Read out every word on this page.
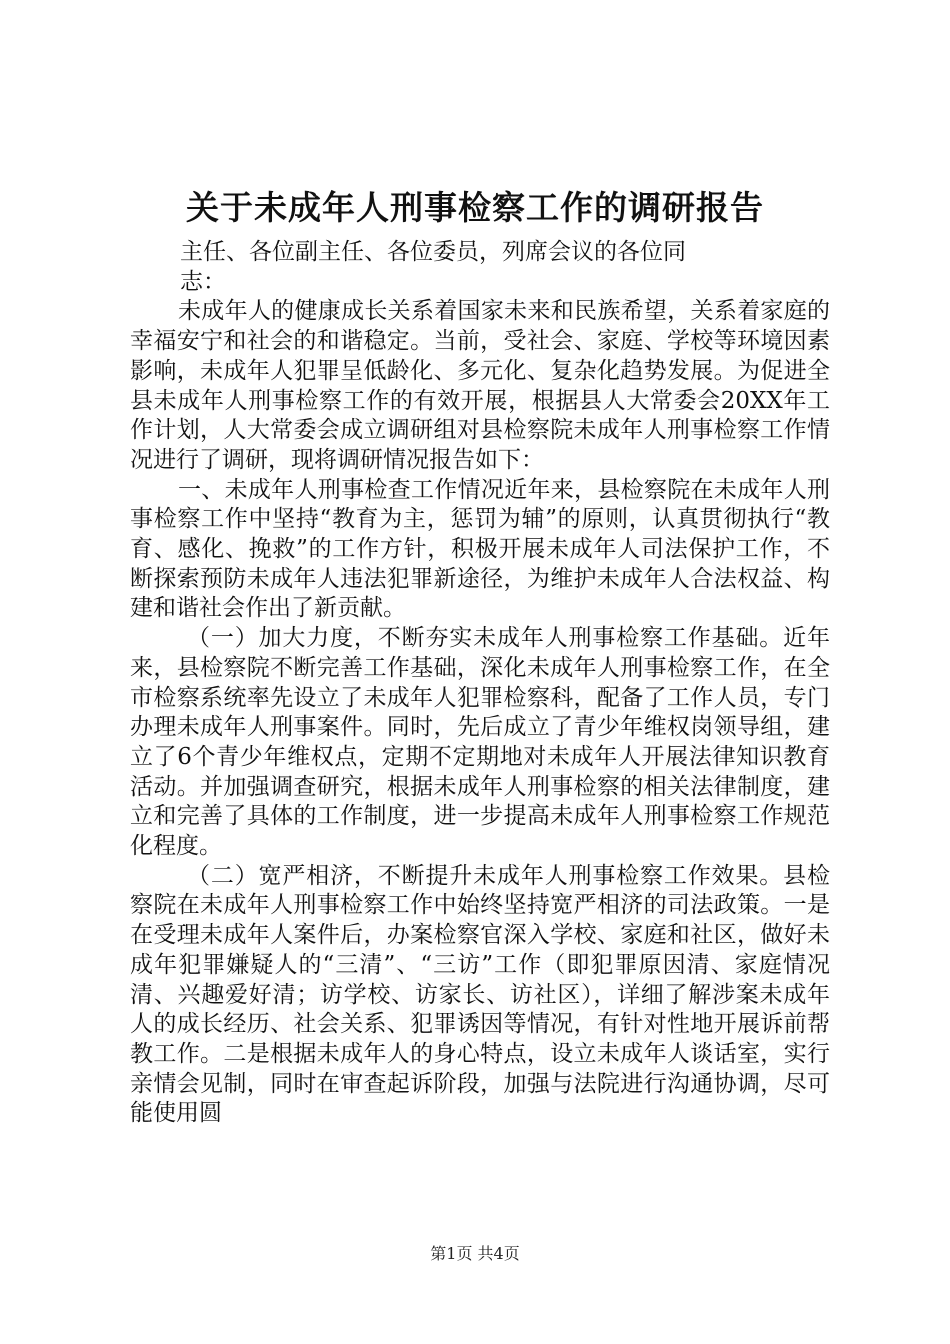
关于未成年人刑事检察工作的调研报告

主任、各位副主任、各位委员，列席会议的各位同志：

未成年人的健康成长关系着国家未来和民族希望，关系着家庭的幸福安宁和社会的和谐稳定。当前，受社会、家庭、学校等环境因素影响，未成年人犯罪呈低龄化、多元化、复杂化趋势发展。为促进全县未成年人刑事检察工作的有效开展，根据县人大常委会20XX年工作计划，人大常委会成立调研组对县检察院未成年人刑事检察工作情况进行了调研，现将调研情况报告如下：

一、未成年人刑事检查工作情况近年来，县检察院在未成年人刑事检察工作中坚持“教育为主，惩罚为辅”的原则，认真贯彻执行“教育、感化、挽救”的工作方针，积极开展未成年人司法保护工作，不断探索预防未成年人违法犯罪新途径，为维护未成年人合法权益、构建和谐社会作出了新贡献。

（一）加大力度，不断夯实未成年人刑事检察工作基础。近年来，县检察院不断完善工作基础，深化未成年人刑事检察工作，在全市检察系统率先设立了未成年人犯罪检察科，配备了工作人员，专门办理未成年人刑事案件。同时，先后成立了青少年维权岗领导组，建立了6个青少年维权点，定期不定期地对未成年人开展法律知识教育活动。并加强调查研究，根据未成年人刑事检察的相关法律制度，建立和完善了具体的工作制度，进一步提高未成年人刑事检察工作规范化程度。

（二）宽严相济，不断提升未成年人刑事检察工作效果。县检察院在未成年人刑事检察工作中始终坚持宽严相济的司法政策。一是在受理未成年人案件后，办案检察官深入学校、家庭和社区，做好未成年犯罪嫌疑人的“三清”、“三访”工作（即犯罪原因清、家庭情况清、兴趣爱好清；访学校、访家长、访社区），详细了解涉案未成年人的成长经历、社会关系、犯罪诱因等情况，有针对性地开展诉前帮教工作。二是根据未成年人的身心特点，设立未成年人谈话室，实行亲情会见制，同时在审查起诉阶段，加强与法院进行沟通协调，尽可能使用圆

第1页 共4页
